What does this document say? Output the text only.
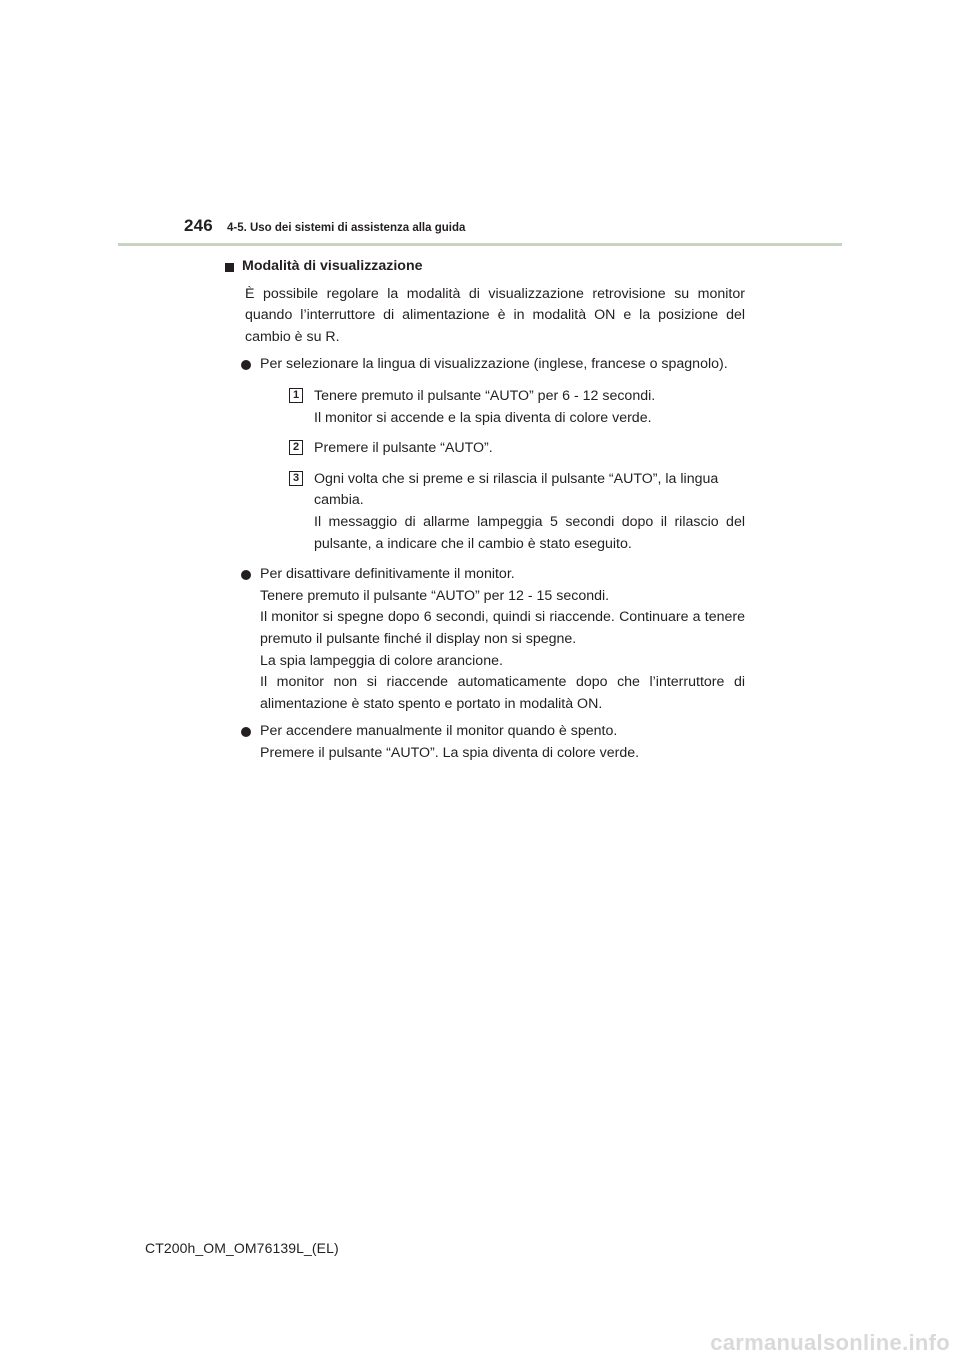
246 4-5. Uso dei sistemi di assistenza alla guida
Modalità di visualizzazione
È possibile regolare la modalità di visualizzazione retrovisione su monitor quando l’interruttore di alimentazione è in modalità ON e la posizione del cambio è su R.

Per selezionare la lingua di visualizzazione (inglese, francese o spagnolo).

1 Tenere premuto il pulsante “AUTO” per 6 - 12 secondi.

Il monitor si accende e la spia diventa di colore verde.

2 Premere il pulsante “AUTO”.

3 Ogni volta che si preme e si rilascia il pulsante “AUTO”, la lingua cambia.

Il messaggio di allarme lampeggia 5 secondi dopo il rilascio del pulsante, a indicare che il cambio è stato eseguito.

Per disattivare definitivamente il monitor.

Tenere premuto il pulsante “AUTO” per 12 - 15 secondi.

Il monitor si spegne dopo 6 secondi, quindi si riaccende. Continuare a tenere premuto il pulsante finché il display non si spegne.

La spia lampeggia di colore arancione.

Il monitor non si riaccende automaticamente dopo che l’interruttore di alimentazione è stato spento e portato in modalità ON.

Per accendere manualmente il monitor quando è spento.

Premere il pulsante “AUTO”. La spia diventa di colore verde.

CT200h_OM_OM76139L_(EL)
carmanualsonline.info
